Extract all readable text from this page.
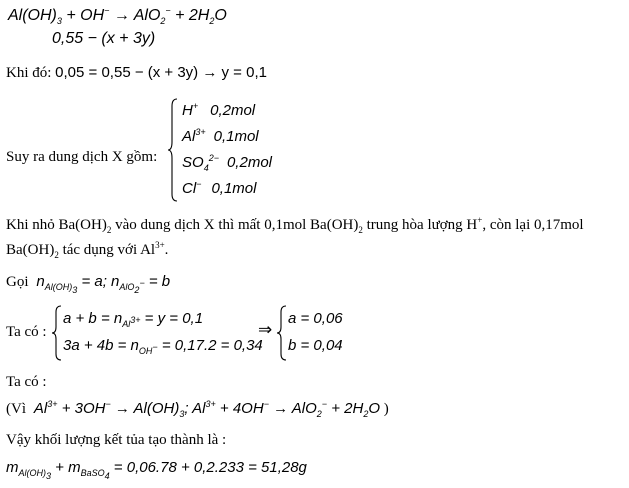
$Al(OH)_3 + OH^- \to AlO_2^- + 2H_2O$
0,55 − (x + 3y)
Khi đó: 0,05 = 0,55 − (x + 3y) → y = 0,1
Suy ra dung dịch X gồm:
H+ 0,2mol
$Al^{3+}$ 0,1mol
$SO_4^{2-}$ 0,2mol
Cl− 0,1mol
Khi nhỏ $Ba(OH)_2$ vào dung dịch X thì mất 0,1mol $Ba(OH)_2$ trung hòa lượng H+, còn lại 0,17mol
$Ba(OH)_2$ tác dụng với $Al^{3+}$.
Gọi  $n_{Al(OH)_3} = a$; $n_{AlO_2^-} = b$
Ta có :
$a + b = n_{Al^{3+}} = y = 0,1$
$3a + 4b = n_{OH^-} = 0,17.2 = 0,34$
⇒
a = 0,06
b = 0,04
Ta có :
(Vì  $Al^{3+} + 3OH^- \to Al(OH)_3$; $Al^{3+} + 4OH^- \to AlO_2^- + 2H_2O$ )
Vậy khối lượng kết tủa tạo thành là :
$m_{Al(OH)_3} + m_{BaSO_4} = 0,06.78 + 0,2.233 = 51,28g$
